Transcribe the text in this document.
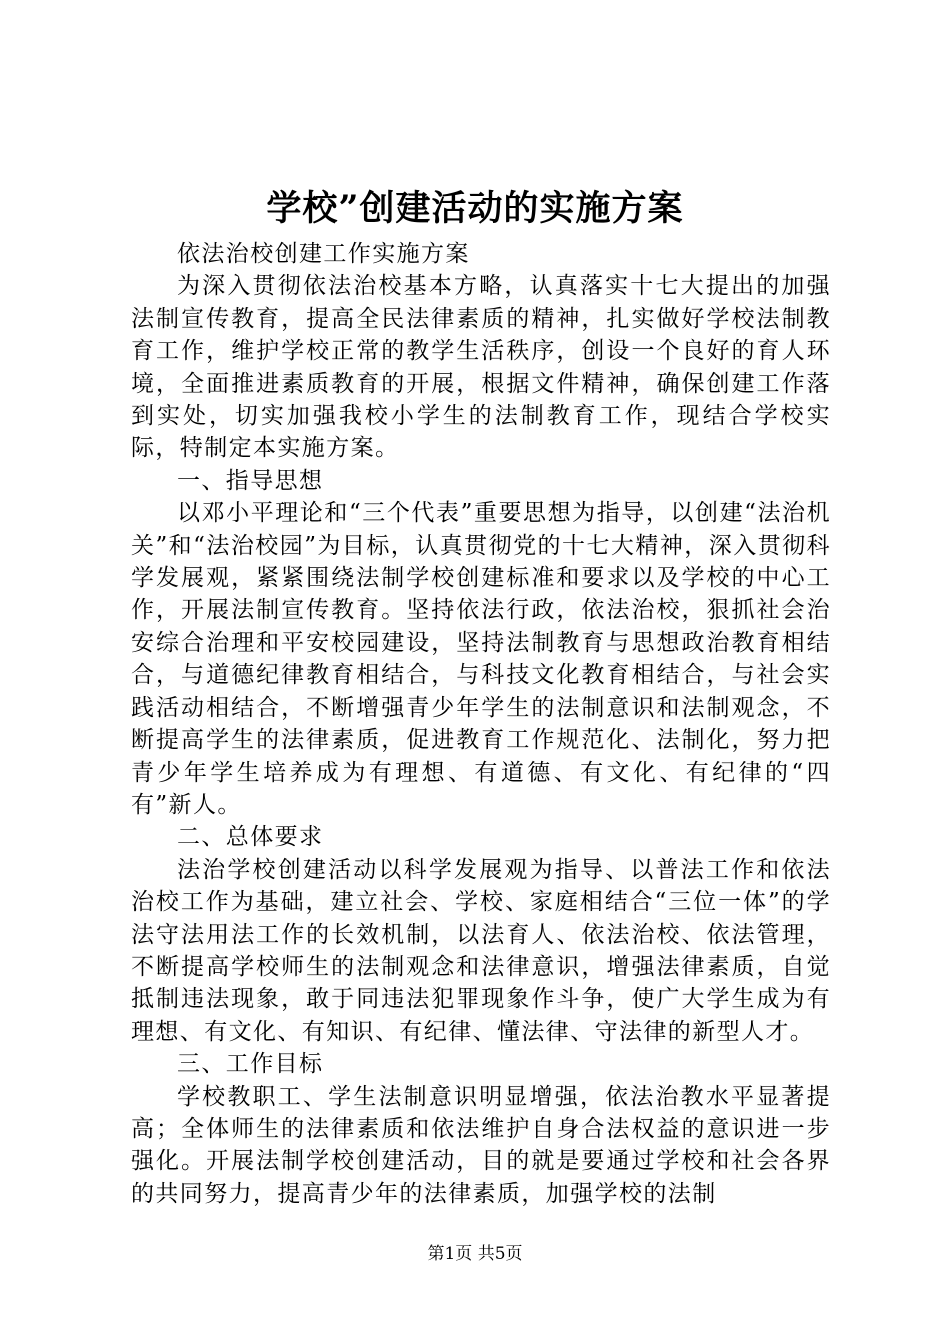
学校”创建活动的实施方案

依法治校创建工作实施方案

为深入贯彻依法治校基本方略，认真落实十七大提出的加强法制宣传教育，提高全民法律素质的精神，扎实做好学校法制教育工作，维护学校正常的教学生活秩序，创设一个良好的育人环境，全面推进素质教育的开展，根据文件精神，确保创建工作落到实处，切实加强我校小学生的法制教育工作，现结合学校实际，特制定本实施方案。

一、指导思想

以邓小平理论和“三个代表”重要思想为指导，以创建“法治机关”和“法治校园”为目标，认真贯彻党的十七大精神，深入贯彻科学发展观，紧紧围绕法制学校创建标准和要求以及学校的中心工作，开展法制宣传教育。坚持依法行政，依法治校，狠抓社会治安综合治理和平安校园建设，坚持法制教育与思想政治教育相结合，与道德纪律教育相结合，与科技文化教育相结合，与社会实践活动相结合，不断增强青少年学生的法制意识和法制观念，不断提高学生的法律素质，促进教育工作规范化、法制化，努力把青少年学生培养成为有理想、有道德、有文化、有纪律的“四有”新人。

二、总体要求

法治学校创建活动以科学发展观为指导、以普法工作和依法治校工作为基础，建立社会、学校、家庭相结合“三位一体”的学法守法用法工作的长效机制，以法育人、依法治校、依法管理，不断提高学校师生的法制观念和法律意识，增强法律素质，自觉抵制违法现象，敢于同违法犯罪现象作斗争，使广大学生成为有理想、有文化、有知识、有纪律、懂法律、守法律的新型人才。

三、工作目标

学校教职工、学生法制意识明显增强，依法治教水平显著提高；全体师生的法律素质和依法维护自身合法权益的意识进一步强化。开展法制学校创建活动，目的就是要通过学校和社会各界的共同努力，提高青少年的法律素质，加强学校的法制

第1页 共5页
